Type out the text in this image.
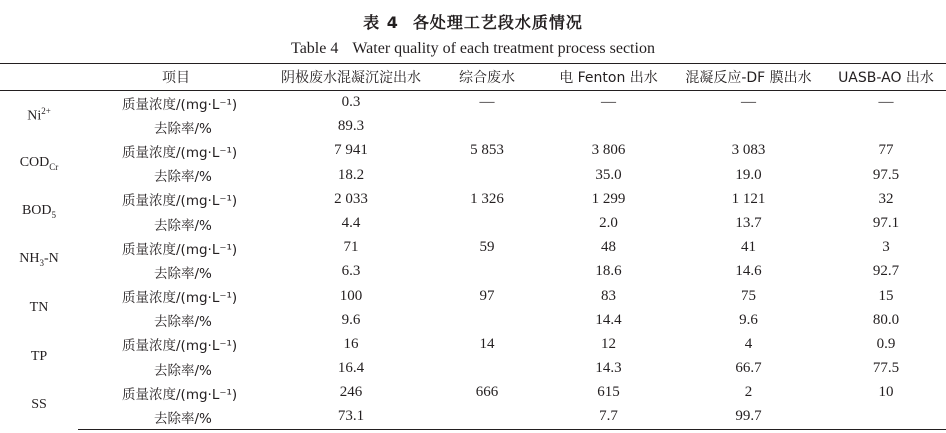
表 4 各处理工艺段水质情况
Table 4 Water quality of each treatment process section
	项目	阴极废水混凝沉淀出水	综合废水	电 Fenton 出水	混凝反应-DF 膜出水	UASB-AO 出水
$Ni^{2+}$	质量浓度/(mg·L⁻¹)	0.3	—	—	—	—
	去除率/%	89.3				
$COD_{Cr}$	质量浓度/(mg·L⁻¹)	7 941	5 853	3 806	3 083	77
	去除率/%	18.2		35.0	19.0	97.5
$BOD_5$	质量浓度/(mg·L⁻¹)	2 033	1 326	1 299	1 121	32
	去除率/%	4.4		2.0	13.7	97.1
$NH_3-N$	质量浓度/(mg·L⁻¹)	71	59	48	41	3
	去除率/%	6.3		18.6	14.6	92.7
TN	质量浓度/(mg·L⁻¹)	100	97	83	75	15
	去除率/%	9.6		14.4	9.6	80.0
TP	质量浓度/(mg·L⁻¹)	16	14	12	4	0.9
	去除率/%	16.4		14.3	66.7	77.5
SS	质量浓度/(mg·L⁻¹)	246	666	615	2	10
	去除率/%	73.1		7.7	99.7	
